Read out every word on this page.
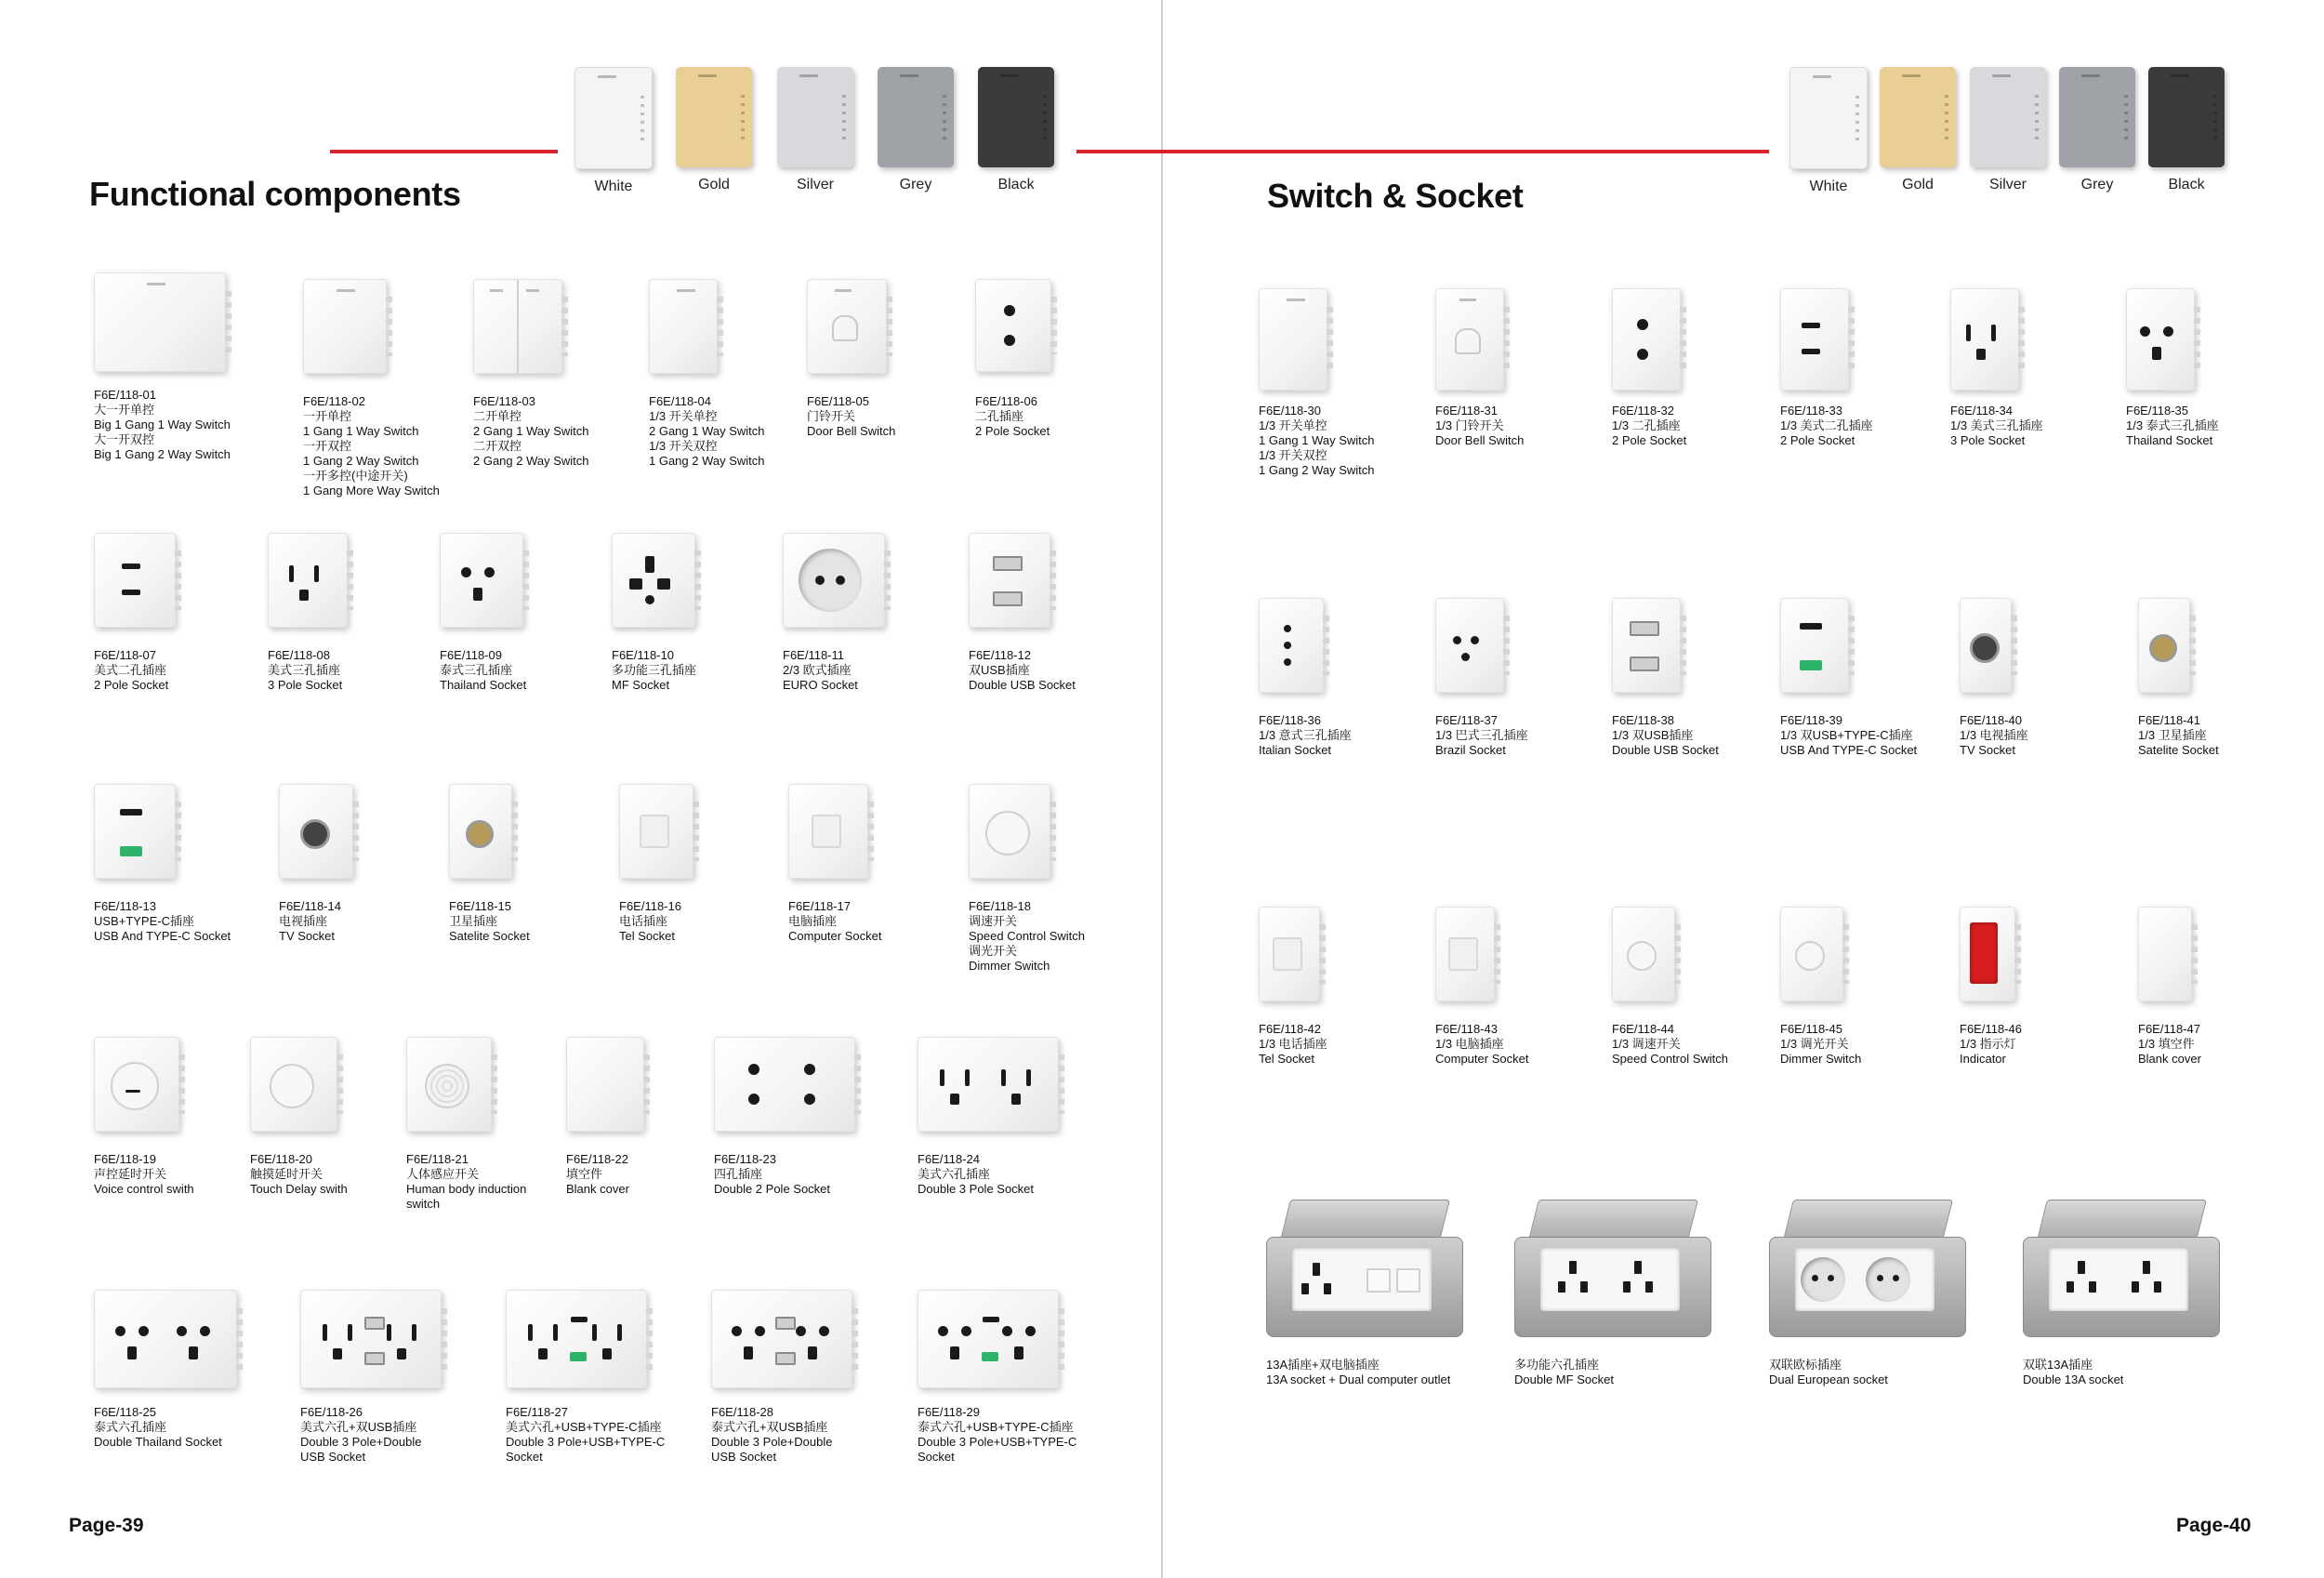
Functional components	White	Gold	Silver	Grey	Black
F6E/118-01
大一开单控
Big 1 Gang 1 Way Switch
大一开双控
Big 1 Gang 2 Way Switch
F6E/118-02
一开单控
1 Gang 1 Way Switch
一开双控
1 Gang 2 Way Switch
一开多控(中途开关)
1 Gang More Way Switch
F6E/118-03
二开单控
2 Gang 1 Way Switch
二开双控
2 Gang 2 Way Switch
F6E/118-04
1/3 开关单控
2 Gang 1 Way Switch
1/3 开关双控
1 Gang 2 Way Switch
F6E/118-05
门铃开关
Door Bell Switch
F6E/118-06
二孔插座
2 Pole Socket
F6E/118-07
美式二孔插座
2 Pole Socket
F6E/118-08
美式三孔插座
3 Pole Socket
F6E/118-09
泰式三孔插座
Thailand Socket
F6E/118-10
多功能三孔插座
MF Socket
F6E/118-11
2/3 欧式插座
EURO Socket
F6E/118-12
双USB插座
Double USB Socket
F6E/118-13
USB+TYPE-C插座
USB And TYPE-C Socket
F6E/118-14
电视插座
TV Socket
F6E/118-15
卫星插座
Satelite Socket
F6E/118-16
电话插座
Tel Socket
F6E/118-17
电脑插座
Computer Socket
F6E/118-18
调速开关
Speed Control Switch
调光开关
Dimmer Switch
F6E/118-19
声控延时开关
Voice control swith
F6E/118-20
触摸延时开关
Touch Delay swith
F6E/118-21
人体感应开关
Human body induction
switch
F6E/118-22
填空件
Blank cover
F6E/118-23
四孔插座
Double 2 Pole Socket
F6E/118-24
美式六孔插座
Double 3 Pole Socket
F6E/118-25
泰式六孔插座
Double Thailand Socket
F6E/118-26
美式六孔+双USB插座
Double 3 Pole+Double
USB Socket
F6E/118-27
美式六孔+USB+TYPE-C插座
Double 3 Pole+USB+TYPE-C
Socket
F6E/118-28
泰式六孔+双USB插座
Double 3 Pole+Double
USB Socket
F6E/118-29
泰式六孔+USB+TYPE-C插座
Double 3 Pole+USB+TYPE-C
Socket
Page-39
Switch & Socket	White	Gold	Silver	Grey	Black
F6E/118-30
1/3 开关单控
1 Gang 1 Way Switch
1/3 开关双控
1 Gang 2 Way Switch
F6E/118-31
1/3 门铃开关
Door Bell Switch
F6E/118-32
1/3 二孔插座
2 Pole Socket
F6E/118-33
1/3 美式二孔插座
2 Pole Socket
F6E/118-34
1/3 美式三孔插座
3 Pole Socket
F6E/118-35
1/3 泰式三孔插座
Thailand Socket
F6E/118-36
1/3 意式三孔插座
Italian Socket
F6E/118-37
1/3 巴式三孔插座
Brazil Socket
F6E/118-38
1/3 双USB插座
Double USB Socket
F6E/118-39
1/3 双USB+TYPE-C插座
USB And TYPE-C Socket
F6E/118-40
1/3 电视插座
TV Socket
F6E/118-41
1/3 卫星插座
Satelite Socket
F6E/118-42
1/3 电话插座
Tel Socket
F6E/118-43
1/3 电脑插座
Computer Socket
F6E/118-44
1/3 调速开关
Speed Control Switch
F6E/118-45
1/3 调光开关
Dimmer Switch
F6E/118-46
1/3 指示灯
Indicator
F6E/118-47
1/3 填空件
Blank cover
13A插座+双电脑插座
13A socket + Dual computer outlet
多功能六孔插座
Double MF Socket
双联欧标插座
Dual European socket
双联13A插座
Double 13A socket
Page-40
